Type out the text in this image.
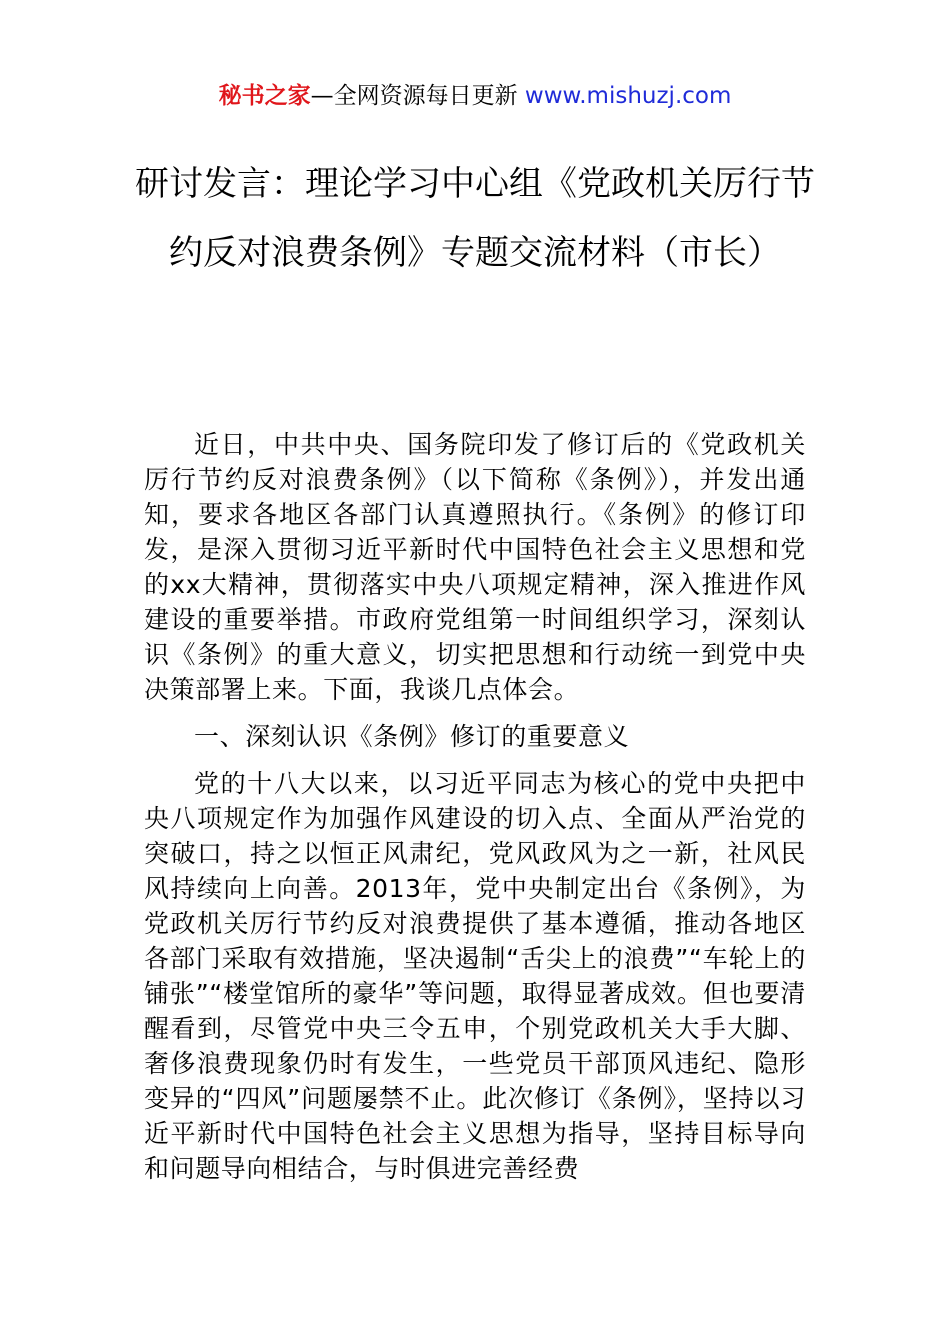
秘书之家—全网资源每日更新 www.mishuzj.com
研讨发言：理论学习中心组《党政机关厉行节约反对浪费条例》专题交流材料（市长）

近日，中共中央、国务院印发了修订后的《党政机关厉行节约反对浪费条例》（以下简称《条例》），并发出通知，要求各地区各部门认真遵照执行。《条例》的修订印发，是深入贯彻习近平新时代中国特色社会主义思想和党的xx大精神，贯彻落实中央八项规定精神，深入推进作风建设的重要举措。市政府党组第一时间组织学习，深刻认识《条例》的重大意义，切实把思想和行动统一到党中央决策部署上来。下面，我谈几点体会。

一、深刻认识《条例》修订的重要意义

党的十八大以来，以习近平同志为核心的党中央把中央八项规定作为加强作风建设的切入点、全面从严治党的突破口，持之以恒正风肃纪，党风政风为之一新，社风民风持续向上向善。2013年，党中央制定出台《条例》，为党政机关厉行节约反对浪费提供了基本遵循，推动各地区各部门采取有效措施，坚决遏制“舌尖上的浪费”“车轮上的铺张”“楼堂馆所的豪华”等问题，取得显著成效。但也要清醒看到，尽管党中央三令五申，个别党政机关大手大脚、奢侈浪费现象仍时有发生，一些党员干部顶风违纪、隐形变异的“四风”问题屡禁不止。此次修订《条例》，坚持以习近平新时代中国特色社会主义思想为指导，坚持目标导向和问题导向相结合，与时俱进完善经费
